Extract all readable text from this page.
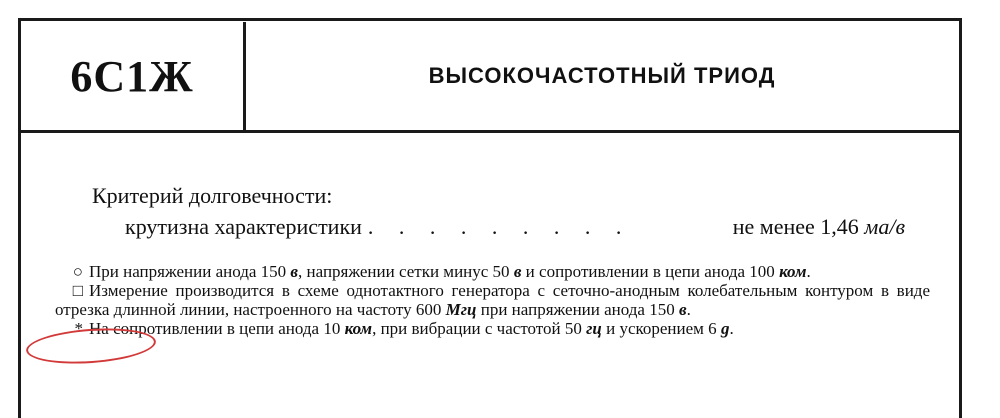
6С1Ж	ВЫСОКОЧАСТОТНЫЙ ТРИОД
Критерий долговечности:
крутизна характеристики . . . . . . . . .	не менее 1,46 ма/в

○ При напряжении анода 150 в, напряжении сетки минус 50 в и сопротивлении в цепи анода 100 ком.

□ Измерение производится в схеме однотактного генератора с сеточно-анодным колебательным контуром в виде отрезка длинной линии, настроенного на частоту 600 Мгц при напряжении анода 150 в.

* На сопротивлении в цепи анода 10 ком, при вибрации с частотой 50 гц и ускорением 6 g.
